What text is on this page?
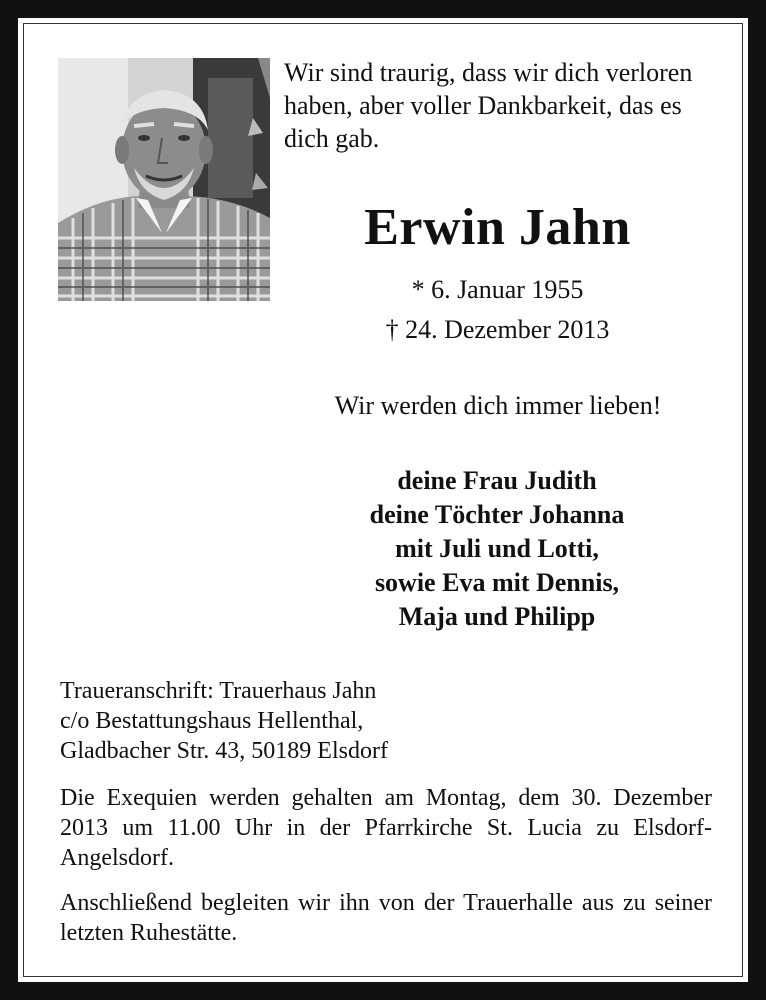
Wir sind traurig, dass wir dich verloren
haben, aber voller Dankbarkeit, das es
dich gab.
Erwin Jahn
* 6. Januar 1955
† 24. Dezember 2013
Wir werden dich immer lieben!
deine Frau Judith
deine Töchter Johanna
mit Juli und Lotti,
sowie Eva mit Dennis,
Maja und Philipp
Traueranschrift: Trauerhaus Jahn
c/o Bestattungshaus Hellenthal,
Gladbacher Str. 43, 50189 Elsdorf
Die Exequien werden gehalten am Montag, dem 30. Dezember
2013 um 11.00 Uhr in der Pfarrkirche St. Lucia zu Elsdorf-
Angelsdorf.
Anschließend begleiten wir ihn von der Trauerhalle aus zu seiner
letzten Ruhestätte.
